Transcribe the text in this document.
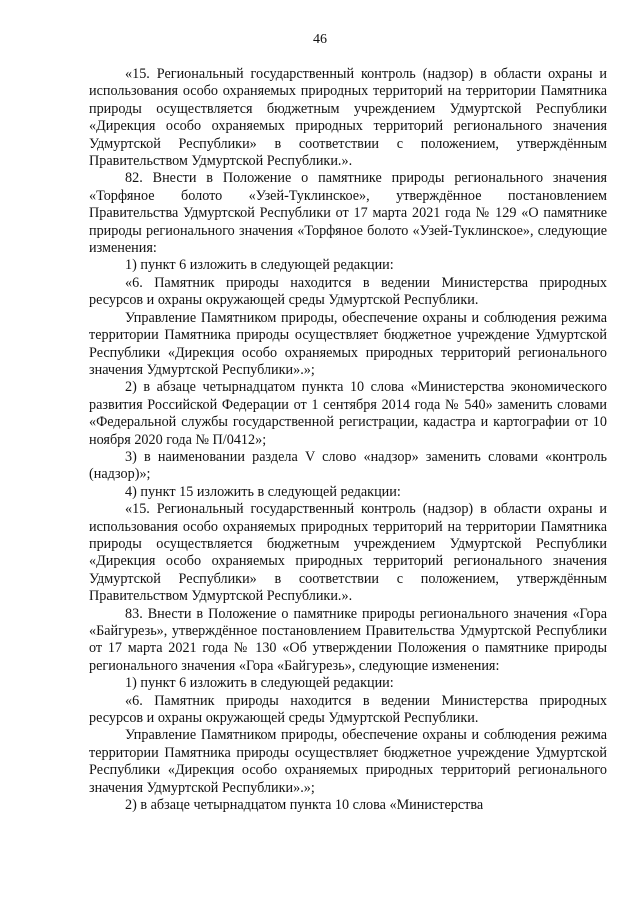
46

«15. Региональный государственный контроль (надзор) в области охраны и использования особо охраняемых природных территорий на территории Памятника природы осуществляется бюджетным учреждением Удмуртской Республики «Дирекция особо охраняемых природных территорий регионального значения Удмуртской Республики» в соответствии с положением, утверждённым Правительством Удмуртской Республики.».

82. Внести в Положение о памятнике природы регионального значения «Торфяное болото «Узей-Туклинское», утверждённое постановлением Правительства Удмуртской Республики от 17 марта 2021 года № 129 «О памятнике природы регионального значения «Торфяное болото «Узей-Туклинское», следующие изменения:

1) пункт 6 изложить в следующей редакции:

«6. Памятник природы находится в ведении Министерства природных ресурсов и охраны окружающей среды Удмуртской Республики.

Управление Памятником природы, обеспечение охраны и соблюдения режима территории Памятника природы осуществляет бюджетное учреждение Удмуртской Республики «Дирекция особо охраняемых природных территорий регионального значения Удмуртской Республики».»;

2) в абзаце четырнадцатом пункта 10 слова «Министерства экономического развития Российской Федерации от 1 сентября 2014 года № 540» заменить словами «Федеральной службы государственной регистрации, кадастра и картографии от 10 ноября 2020 года № П/0412»;

3) в наименовании раздела V слово «надзор» заменить словами «контроль (надзор)»;

4) пункт 15 изложить в следующей редакции:

«15. Региональный государственный контроль (надзор) в области охраны и использования особо охраняемых природных территорий на территории Памятника природы осуществляется бюджетным учреждением Удмуртской Республики «Дирекция особо охраняемых природных территорий регионального значения Удмуртской Республики» в соответствии с положением, утверждённым Правительством Удмуртской Республики.».

83. Внести в Положение о памятнике природы регионального значения «Гора «Байгурезь», утверждённое постановлением Правительства Удмуртской Республики от 17 марта 2021 года № 130 «Об утверждении Положения о памятнике природы регионального значения «Гора «Байгурезь», следующие изменения:

1) пункт 6 изложить в следующей редакции:

«6. Памятник природы находится в ведении Министерства природных ресурсов и охраны окружающей среды Удмуртской Республики.

Управление Памятником природы, обеспечение охраны и соблюдения режима территории Памятника природы осуществляет бюджетное учреждение Удмуртской Республики «Дирекция особо охраняемых природных территорий регионального значения Удмуртской Республики».»;

2) в абзаце четырнадцатом пункта 10 слова «Министерства
